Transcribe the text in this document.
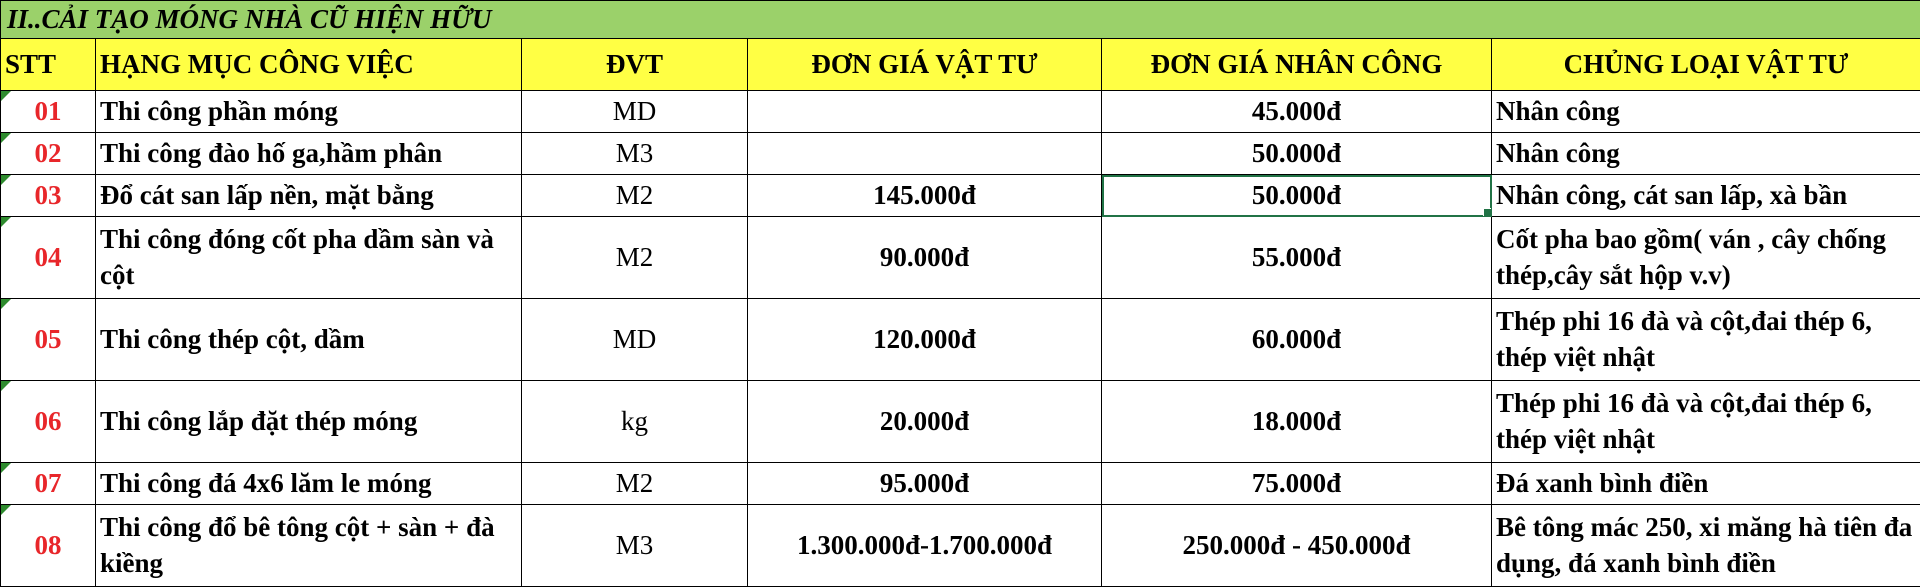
II..CẢI TẠO MÓNG NHÀ CŨ HIỆN HỮU					
STT	HẠNG MỤC CÔNG VIỆC	ĐVT	ĐƠN GIÁ VẬT TƯ	ĐƠN GIÁ NHÂN CÔNG	CHỦNG LOẠI VẬT TƯ

01	Thi công phần móng	MD		45.000đ	Nhân công

02	Thi công đào hố ga,hầm phân	M3		50.000đ	Nhân công

03	Đổ cát san lấp nền, mặt bằng	M2	145.000đ	50.000đ	Nhân công, cát san lấp, xà bần

04	Thi công đóng cốt pha dầm sàn và cột	M2	90.000đ	55.000đ	Cốt pha bao gồm( ván , cây chống thép,cây sắt hộp v.v)

05	Thi công thép cột, dầm	MD	120.000đ	60.000đ	Thép phi 16 đà và cột,đai thép 6, thép việt nhật

06	Thi công lắp đặt thép móng	kg	20.000đ	18.000đ	Thép phi 16 đà và cột,đai thép 6, thép việt nhật

07	Thi công đá 4x6 lăm le móng	M2	95.000đ	75.000đ	Đá xanh bình điền

08	Thi công đổ bê tông cột + sàn + đà kiềng	M3	1.300.000đ-1.700.000đ	250.000đ - 450.000đ	Bê tông mác 250, xi măng hà tiên đa dụng, đá xanh bình điền
